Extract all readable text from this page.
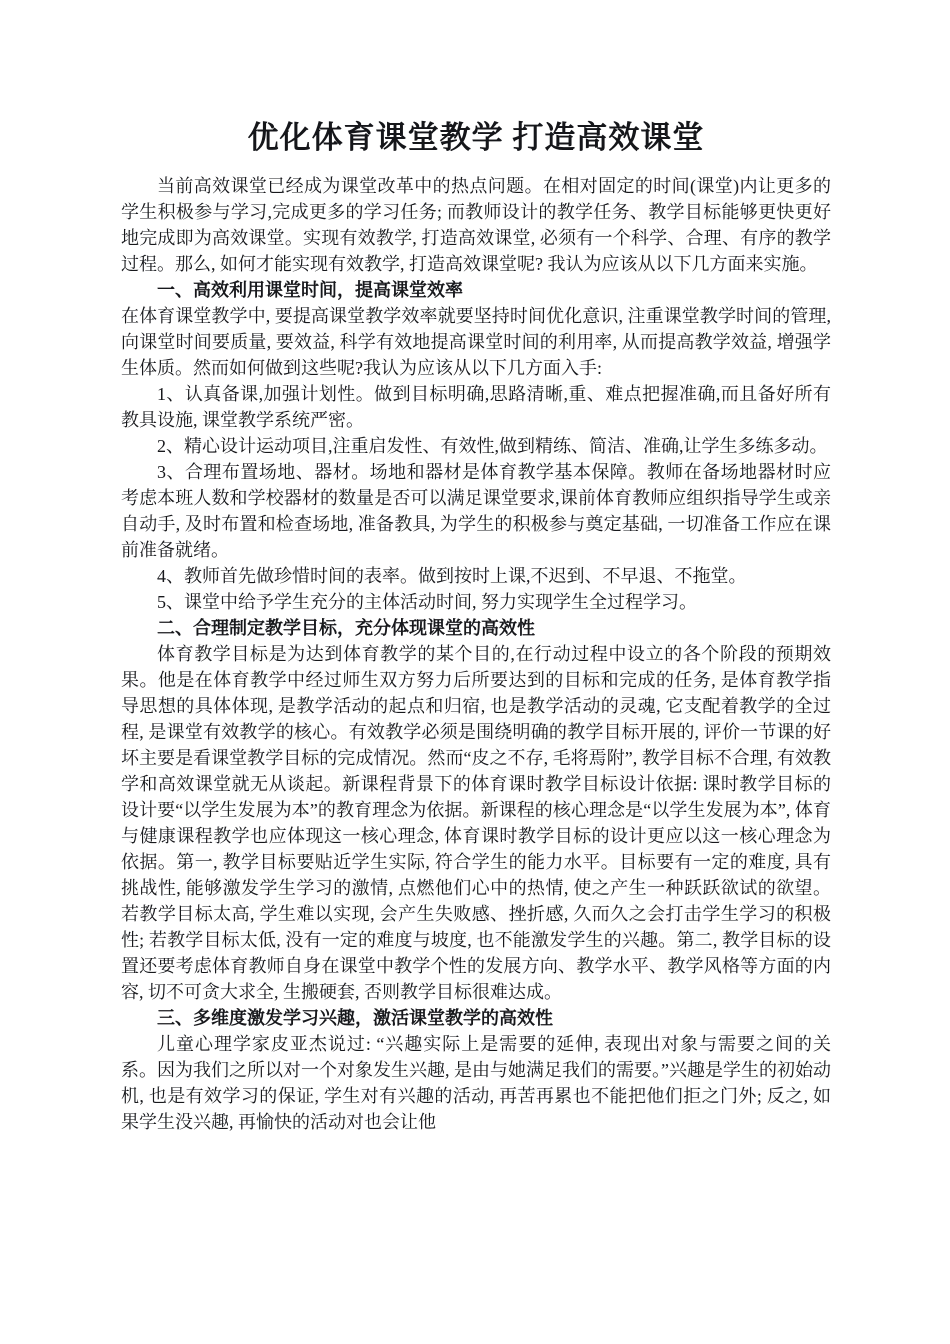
优化体育课堂教学 打造高效课堂

当前高效课堂已经成为课堂改革中的热点问题。在相对固定的时间(课堂)内让更多的学生积极参与学习,完成更多的学习任务; 而教师设计的教学任务、教学目标能够更快更好地完成即为高效课堂。实现有效教学, 打造高效课堂, 必须有一个科学、合理、有序的教学过程。那么, 如何才能实现有效教学, 打造高效课堂呢? 我认为应该从以下几方面来实施。

一、高效利用课堂时间，提高课堂效率

在体育课堂教学中, 要提高课堂教学效率就要坚持时间优化意识, 注重课堂教学时间的管理, 向课堂时间要质量, 要效益, 科学有效地提高课堂时间的利用率, 从而提高教学效益, 增强学生体质。然而如何做到这些呢?我认为应该从以下几方面入手:

1、认真备课,加强计划性。做到目标明确,思路清晰,重、难点把握准确,而且备好所有教具设施, 课堂教学系统严密。

2、精心设计运动项目,注重启发性、有效性,做到精练、简洁、准确,让学生多练多动。

3、合理布置场地、器材。场地和器材是体育教学基本保障。教师在备场地器材时应考虑本班人数和学校器材的数量是否可以满足课堂要求,课前体育教师应组织指导学生或亲自动手, 及时布置和检查场地, 准备教具, 为学生的积极参与奠定基础, 一切准备工作应在课前准备就绪。

4、教师首先做珍惜时间的表率。做到按时上课,不迟到、不早退、不拖堂。

5、课堂中给予学生充分的主体活动时间, 努力实现学生全过程学习。

二、合理制定教学目标，充分体现课堂的高效性

体育教学目标是为达到体育教学的某个目的,在行动过程中设立的各个阶段的预期效果。他是在体育教学中经过师生双方努力后所要达到的目标和完成的任务, 是体育教学指导思想的具体体现, 是教学活动的起点和归宿, 也是教学活动的灵魂, 它支配着教学的全过程, 是课堂有效教学的核心。有效教学必须是围绕明确的教学目标开展的, 评价一节课的好坏主要是看课堂教学目标的完成情况。然而“皮之不存, 毛将焉附”, 教学目标不合理, 有效教学和高效课堂就无从谈起。新课程背景下的体育课时教学目标设计依据: 课时教学目标的设计要“以学生发展为本”的教育理念为依据。新课程的核心理念是“以学生发展为本”, 体育与健康课程教学也应体现这一核心理念, 体育课时教学目标的设计更应以这一核心理念为依据。第一, 教学目标要贴近学生实际, 符合学生的能力水平。目标要有一定的难度, 具有挑战性, 能够激发学生学习的激情, 点燃他们心中的热情, 使之产生一种跃跃欲试的欲望。若教学目标太高, 学生难以实现, 会产生失败感、挫折感, 久而久之会打击学生学习的积极性; 若教学目标太低, 没有一定的难度与坡度, 也不能激发学生的兴趣。第二, 教学目标的设置还要考虑体育教师自身在课堂中教学个性的发展方向、教学水平、教学风格等方面的内容, 切不可贪大求全, 生搬硬套, 否则教学目标很难达成。

三、多维度激发学习兴趣，激活课堂教学的高效性

儿童心理学家皮亚杰说过: “兴趣实际上是需要的延伸, 表现出对象与需要之间的关系。因为我们之所以对一个对象发生兴趣, 是由与她满足我们的需要。”兴趣是学生的初始动机, 也是有效学习的保证, 学生对有兴趣的活动, 再苦再累也不能把他们拒之门外; 反之, 如果学生没兴趣, 再愉快的活动对也会让他
